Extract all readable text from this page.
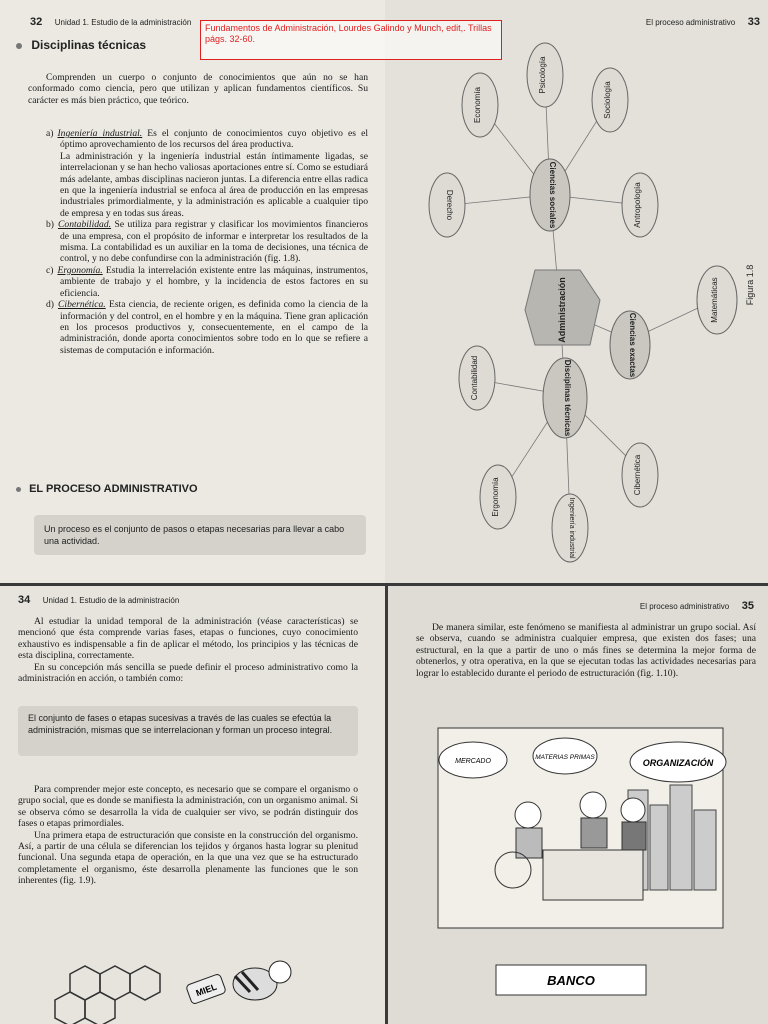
32 Unidad 1. Estudio de la administración
Disciplinas técnicas

Comprenden un cuerpo o conjunto de conocimientos que aún no se han conformado como ciencia, pero que utilizan y aplican fundamentos científicos. Su carácter es más bien práctico, que teórico.

a) Ingeniería industrial. Es el conjunto de conocimientos cuyo objetivo es el óptimo aprovechamiento de los recursos del área productiva.

La administración y la ingeniería industrial están íntimamente ligadas, se interrelacionan y se han hecho valiosas aportaciones entre sí. Como se estudiará más adelante, ambas disciplinas nacieron juntas. La diferencia entre ellas radica en que la ingeniería industrial se enfoca al área de producción en las empresas industriales primordialmente, y la administración es aplicable a cualquier tipo de empresa y en todas sus áreas.

b) Contabilidad. Se utiliza para registrar y clasificar los movimientos financieros de una empresa, con el propósito de informar e interpretar los resultados de la misma. La contabilidad es un auxiliar en la toma de decisiones, una técnica de control, y no debe confundirse con la administración (fig. 1.8).

c) Ergonomía. Estudia la interrelación existente entre las máquinas, instrumentos, ambiente de trabajo y el hombre, y la incidencia de estos factores en su eficiencia.

d) Cibernética. Esta ciencia, de reciente origen, es definida como la ciencia de la información y del control, en el hombre y en la máquina. Tiene gran aplicación en los procesos productivos y, consecuentemente, en el campo de la administración, donde aporta conocimientos sobre todo en lo que se refiere a sistemas de computación e información.

EL PROCESO ADMINISTRATIVO
Un proceso es el conjunto de pasos o etapas necesarias para llevar a cabo una actividad.
El proceso administrativo 33
Administración
Ciencias sociales
Ciencias exactas
Disciplinas técnicas
Economía
Psicología
Sociología
Antropología
Derecho
Matemáticas
Contabilidad
Ergonomía
Ingeniería industrial
Cibernética
Figura 1.8
34 Unidad 1. Estudio de la administración

Al estudiar la unidad temporal de la administración (véase características) se mencionó que ésta comprende varias fases, etapas o funciones, cuyo conocimiento exhaustivo es indispensable a fin de aplicar el método, los principios y las técnicas de esta disciplina, correctamente.

En su concepción más sencilla se puede definir el proceso administrativo como la administración en acción, o también como:

El conjunto de fases o etapas sucesivas a través de las cuales se efectúa la administración, mismas que se interrelacionan y forman un proceso integral.

Para comprender mejor este concepto, es necesario que se compare el organismo o grupo social, que es donde se manifiesta la administración, con un organismo animal. Si se observa cómo se desarrolla la vida de cualquier ser vivo, se podrán distinguir dos fases o etapas primordiales.

Una primera etapa de estructuración que consiste en la construcción del organismo. Así, a partir de una célula se diferencian los tejidos y órganos hasta lograr su plenitud funcional. Una segunda etapa de operación, en la que una vez que se ha estructurado completamente el organismo, éste desarrolla plenamente las funciones que le son inherentes (fig. 1.9).

MIEL
El proceso administrativo 35

De manera similar, este fenómeno se manifiesta al administrar un grupo social. Así se observa, cuando se administra cualquier empresa, que existen dos fases; una estructural, en la que a partir de uno o más fines se determina la mejor forma de obtenerlos, y otra operativa, en la que se ejecutan todas las actividades necesarias para lograr lo establecido durante el periodo de estructuración (fig. 1.10).

MERCADO
MATERIAS PRIMAS
ORGANIZACIÓN
BANCO
Fundamentos de Administración, Lourdes Galindo y Munch, edit,. Trillas págs. 32-60.
